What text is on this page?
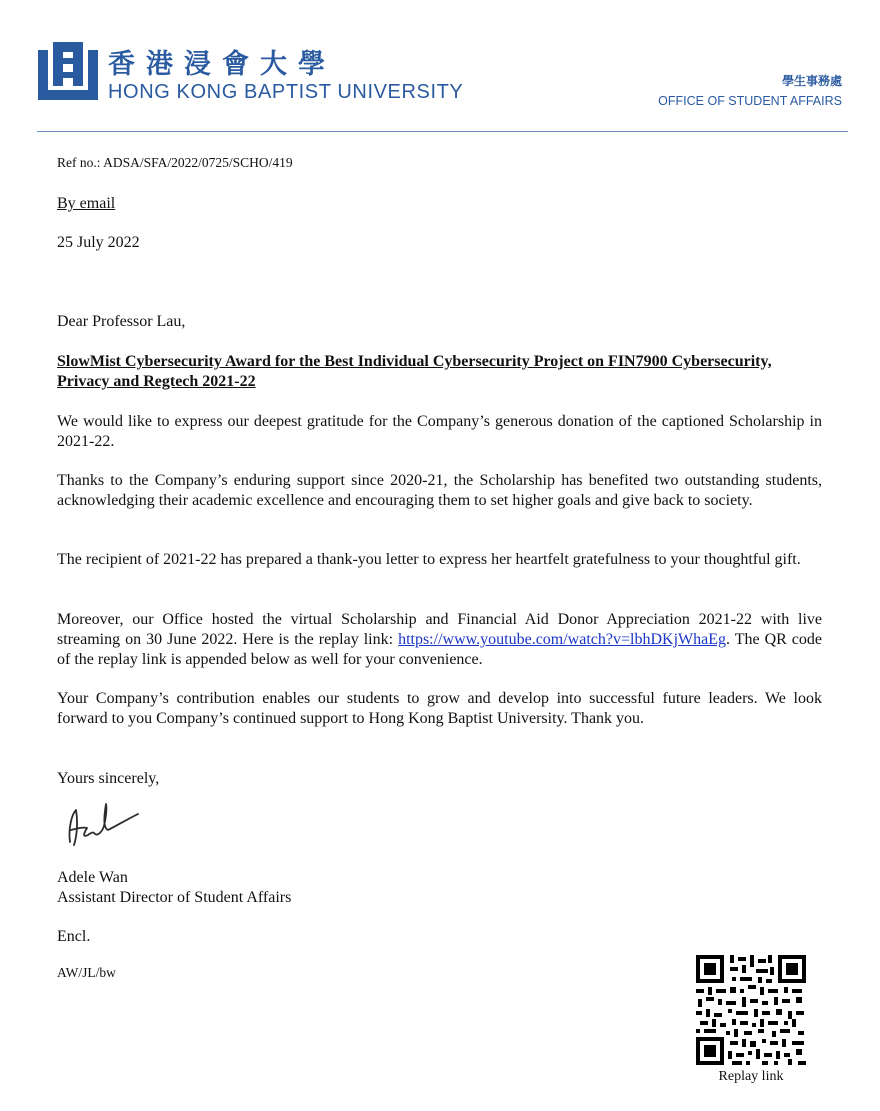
香港浸會大學
HONG KONG BAPTIST UNIVERSITY	學生事務處
OFFICE OF STUDENT AFFAIRS
Ref no.: ADSA/SFA/2022/0725/SCHO/419
By email
25 July 2022
Dear Professor Lau,
SlowMist Cybersecurity Award for the Best Individual Cybersecurity Project on FIN7900 Cybersecurity, Privacy and Regtech 2021-22
We would like to express our deepest gratitude for the Company’s generous donation of the captioned Scholarship in 2021-22.
Thanks to the Company’s enduring support since 2020-21, the Scholarship has benefited two outstanding students, acknowledging their academic excellence and encouraging them to set higher goals and give back to society.
The recipient of 2021-22 has prepared a thank-you letter to express her heartfelt gratefulness to your thoughtful gift.
Moreover, our Office hosted the virtual Scholarship and Financial Aid Donor Appreciation 2021-22 with live streaming on 30 June 2022. Here is the replay link: https://www.youtube.com/watch?v=lbhDKjWhaEg. The QR code of the replay link is appended below as well for your convenience.
Your Company’s contribution enables our students to grow and develop into successful future leaders. We look forward to you Company’s continued support to Hong Kong Baptist University. Thank you.
Yours sincerely,
Adele Wan
Assistant Director of Student Affairs
Encl.
AW/JL/bw
Replay link
